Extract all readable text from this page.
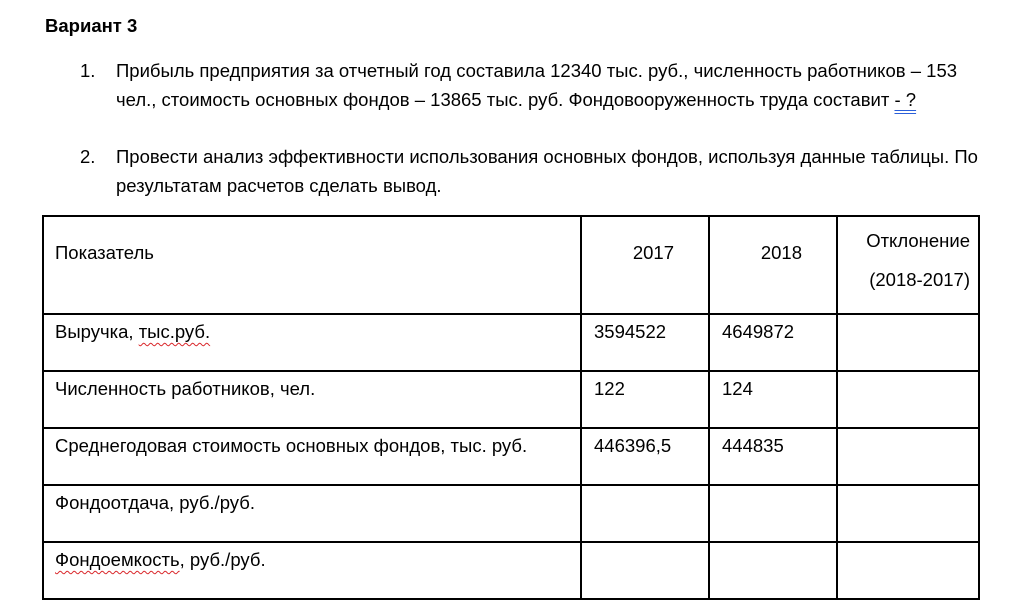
Вариант 3
1. Прибыль предприятия за отчетный год составила 12340 тыс. руб., численность работников – 153 чел., стоимость основных фондов – 13865 тыс. руб. Фондовооруженность труда составит - ?
2. Провести анализ эффективности использования основных фондов, используя данные таблицы. По результатам расчетов сделать вывод.
Показатель	2017	2018	Отклонение
(2018-2017)
Выручка, тыс.руб.	3594522	4649872	
Численность работников, чел.	122	124	
Среднегодовая стоимость основных фондов, тыс. руб.	446396,5	444835	
Фондоотдача, руб./руб.			
Фондоемкость, руб./руб.			
